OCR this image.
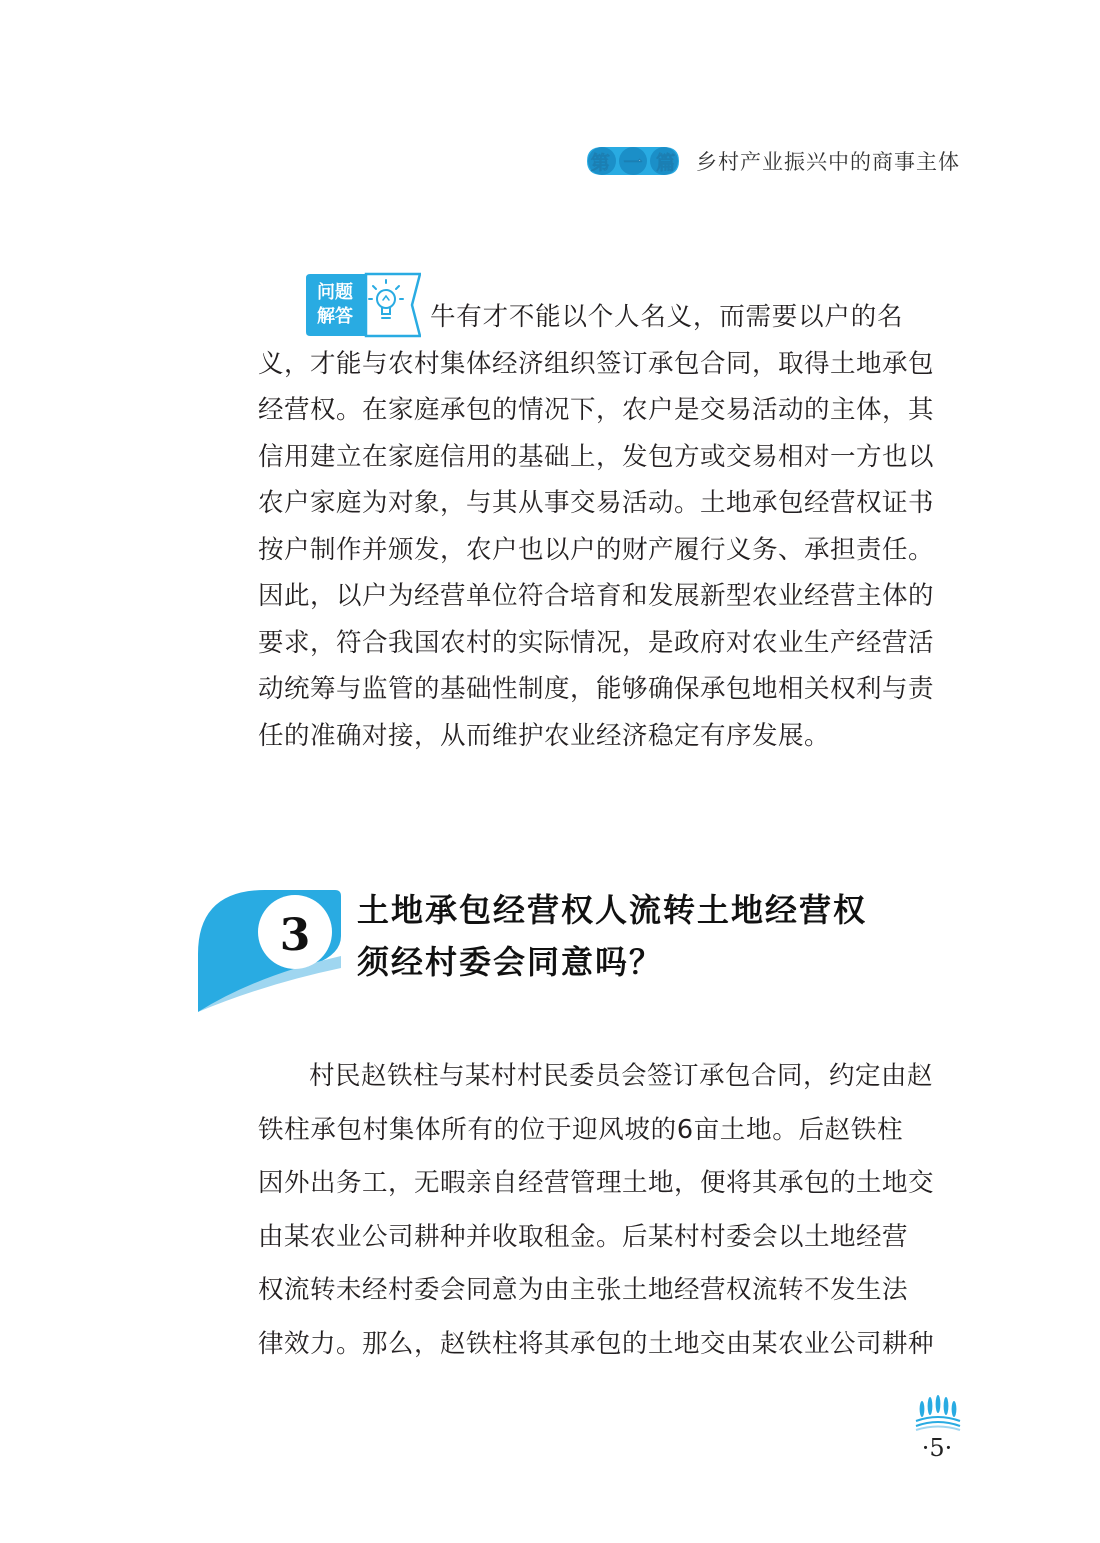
第 一 篇 乡村产业振兴中的商事主体
问题
解答	牛有才不能以个人名义，而需要以户的名
义，才能与农村集体经济组织签订承包合同，取得土地承包
经营权。在家庭承包的情况下，农户是交易活动的主体，其
信用建立在家庭信用的基础上，发包方或交易相对一方也以
农户家庭为对象，与其从事交易活动。土地承包经营权证书
按户制作并颁发，农户也以户的财产履行义务、承担责任。
因此，以户为经营单位符合培育和发展新型农业经营主体的
要求，符合我国农村的实际情况，是政府对农业生产经营活
动统筹与监管的基础性制度，能够确保承包地相关权利与责
任的准确对接，从而维护农业经济稳定有序发展。

3	土地承包经营权人流转土地经营权
须经村委会同意吗？

村民赵铁柱与某村村民委员会签订承包合同，约定由赵
铁柱承包村集体所有的位于迎风坡的6亩土地。后赵铁柱
因外出务工，无暇亲自经营管理土地，便将其承包的土地交
由某农业公司耕种并收取租金。后某村村委会以土地经营
权流转未经村委会同意为由主张土地经营权流转不发生法
律效力。那么，赵铁柱将其承包的土地交由某农业公司耕种

·5·
